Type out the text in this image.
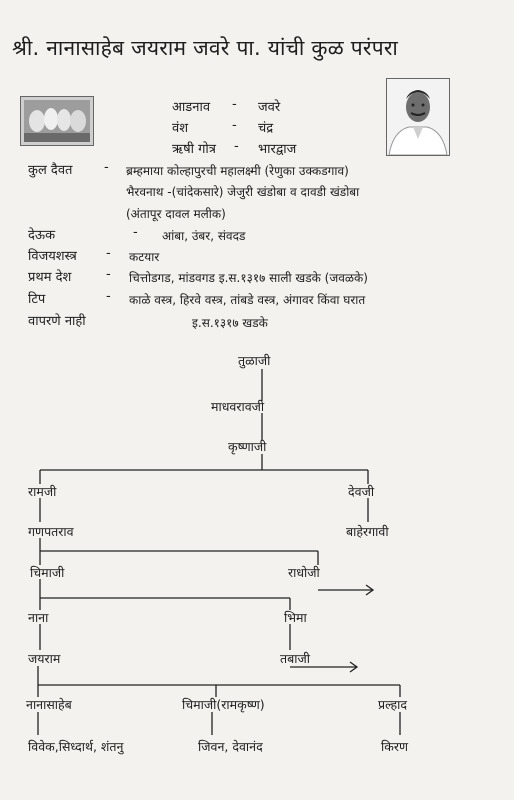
श्री. नानासाहेब जयराम जवरे पा. यांची कुळ परंपरा
आडनाव - जवरे
वंश	- चंद्र
ऋषी गोत्र - भारद्वाज
कुल दैवत - ब्रम्हमाया कोल्हापुरची महालक्ष्मी (रेणुका उक्कडगाव)
भैरवनाथ -(चांदेकसारे) जेजुरी खंडोबा व दावडी खंडोबा
(अंतापूर दावल मलीक)
देऊक	- आंबा, उंबर, संवदड
विजयशस्त्र - कटयार
प्रथम देश	- चित्तोडगड, मांडवगड इ.स.१३१७ साली खडके (जवळके)
टिप	- काळे वस्त्र, हिरवे वस्त्र, तांबडे वस्त्र, अंगावर किंवा घरात
वापरणे नाही	इ.स.१३१७ खडके
तुळाजी
माधवरावजी
कृष्णाजी
रामजी	देवजी
गणपतराव	बाहेरगावी
चिमाजी	राधोजी
नाना	भिमा
जयराम	तबाजी
नानासाहेब	चिमाजी(रामकृष्ण)	प्रल्हाद
विवेक,सिध्दार्थ, शंतनु	जिवन, देवानंद	किरण
